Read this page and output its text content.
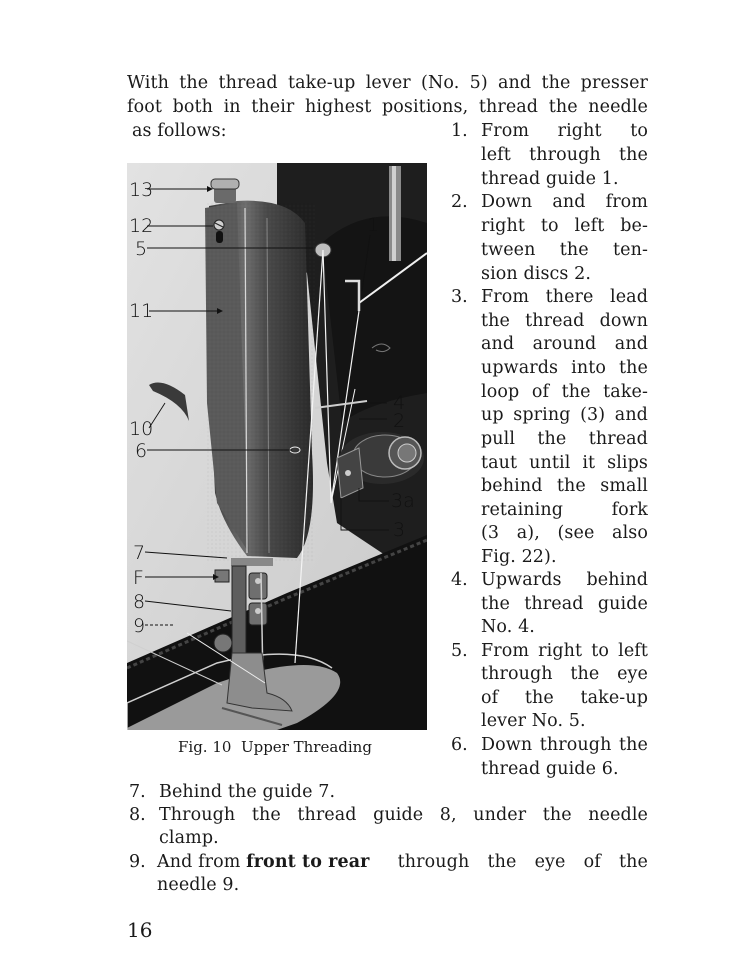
With the thread take-up lever (No. 5) and the presser
foot both in their highest positions, thread the needle
as follows:	1. From right to
left through the
thread guide 1.
2. Down and from
right to left be-
tween the ten-
sion discs 2.
3. From there lead
the thread down
and around and
upwards into the
loop of the take-
up spring (3) and
pull the thread
taut until it slips
behind the small
retaining fork
(3 a), (see also
Fig. 22).
4. Upwards behind
the thread guide
No. 4.
5. From right to left
through the eye
of the take-up
lever No. 5.
6. Down through the
thread guide 6.
7. Behind the guide 7.
8. Through the thread guide 8, under the needle
clamp.
9. And from front to rear through the eye of the
needle 9.
13
12
5
11
10
6
7
F
8
9
1
4
2
3a
3
Fig. 10  Upper Threading
16
